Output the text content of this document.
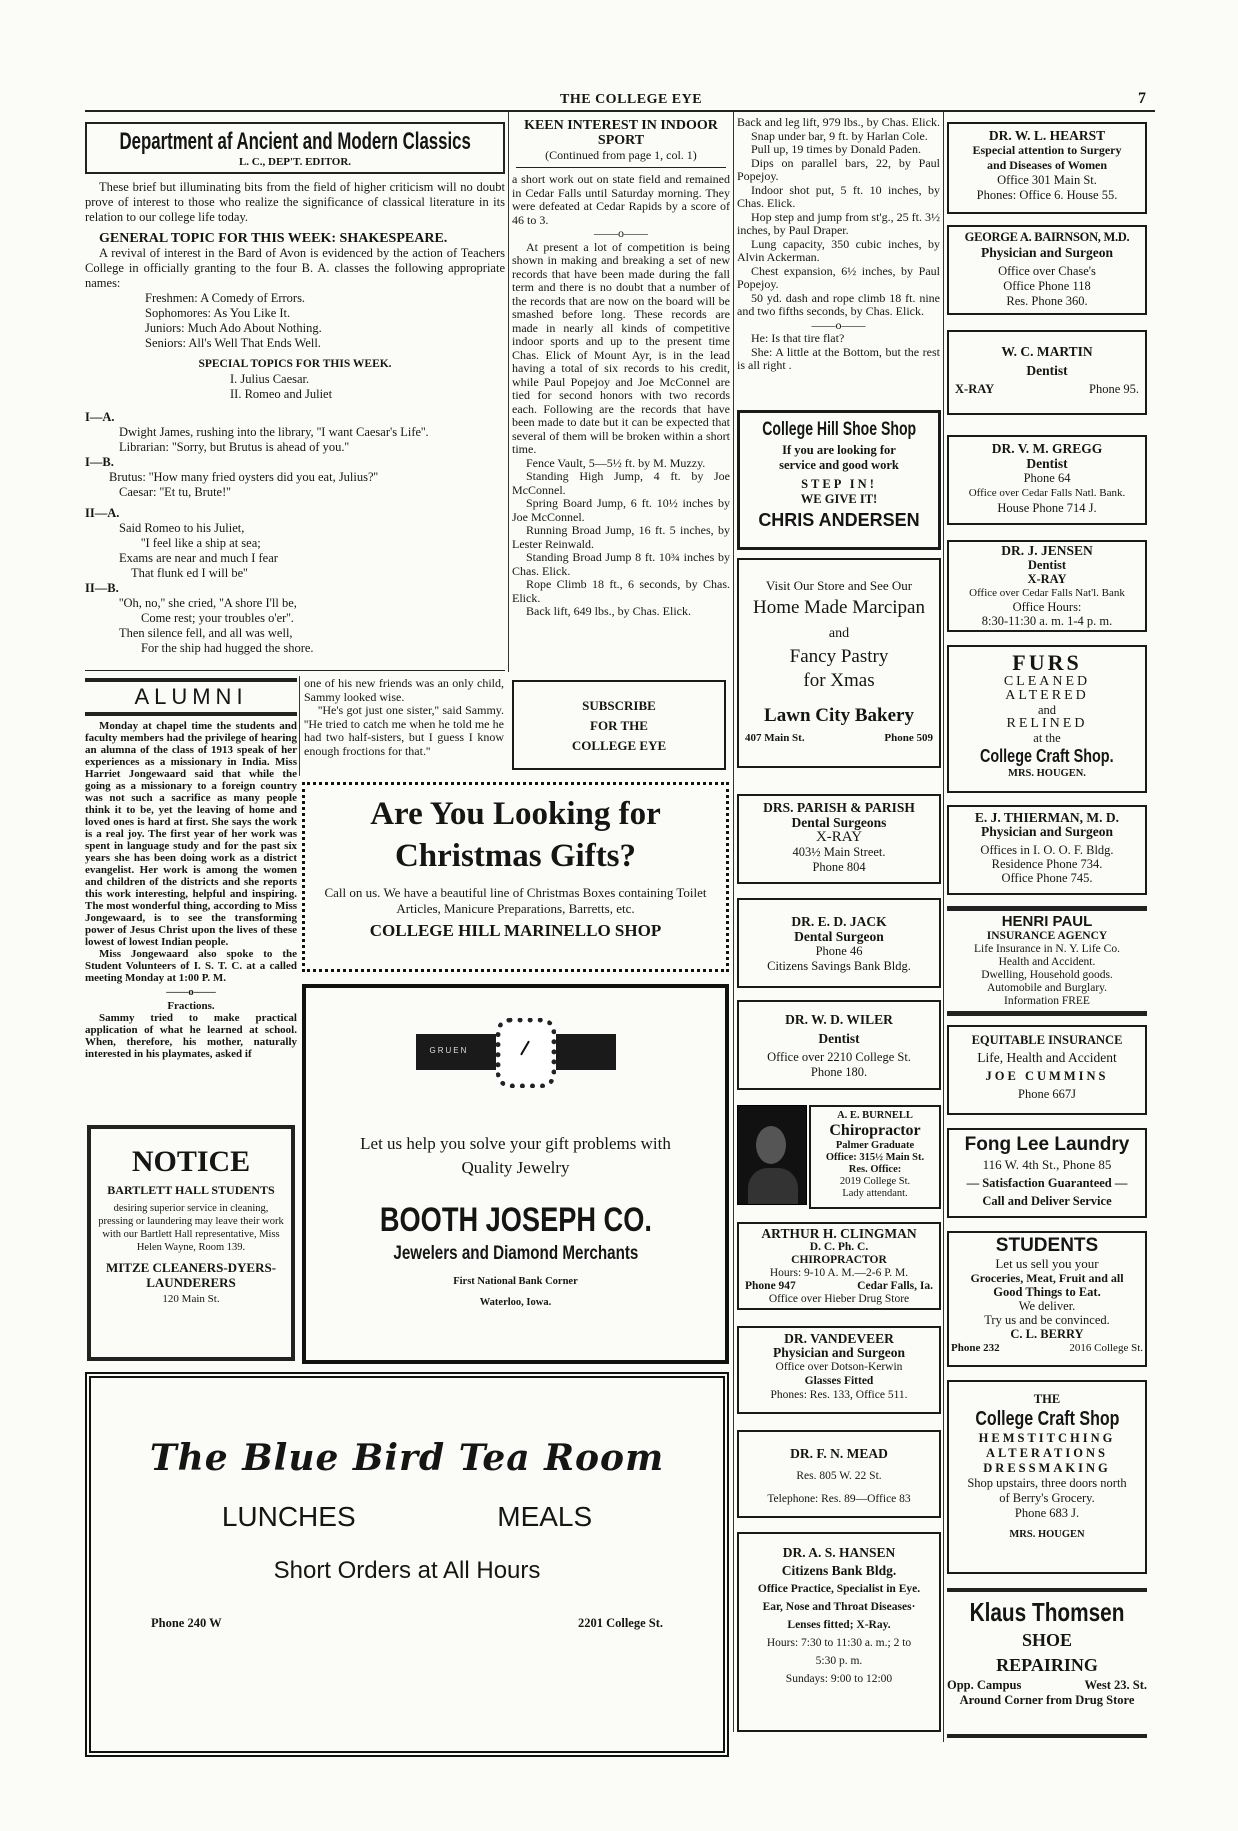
THE COLLEGE EYE	7
Department af Ancient and Modern Classics
L. C., DEP'T. EDITOR.

These brief but illuminating bits from the field of higher criticism will no doubt prove of interest to those who realize the significance of classical literature in its relation to our college life today.

GENERAL TOPIC FOR THIS WEEK: SHAKESPEARE.

A revival of interest in the Bard of Avon is evidenced by the action of Teachers College in officially granting to the four B. A. classes the following appropriate names:

Freshmen: A Comedy of Errors.
Sophomores: As You Like It.
Juniors: Much Ado About Nothing.
Seniors: All's Well That Ends Well.
SPECIAL TOPICS FOR THIS WEEK.
I. Julius Caesar.
II. Romeo and Juliet
I—A.
Dwight James, rushing into the library, ''I want Caesar's Life''.
Librarian: ''Sorry, but Brutus is ahead of you.''
I—B.
Brutus: ''How many fried oysters did you eat, Julius?''
Caesar: ''Et tu, Brute!''
II—A.
Said Romeo to his Juliet,
''I feel like a ship at sea;
Exams are near and much I fear
That flunk ed I will be''
II—B.
''Oh, no,'' she cried, ''A shore I'll be,
Come rest; your troubles o'er''.
Then silence fell, and all was well,
For the ship had hugged the shore.
ALUMNI

Monday at chapel time the students and faculty members had the privilege of hearing an alumna of the class of 1913 speak of her experiences as a missionary in India. Miss Harriet Jongewaard said that while the going as a missionary to a foreign country was not such a sacrifice as many people think it to be, yet the leaving of home and loved ones is hard at first. She says the work is a real joy. The first year of her work was spent in language study and for the past six years she has been doing work as a district evangelist. Her work is among the women and children of the districts and she reports this work interesting, helpful and inspiring. The most wonderful thing, according to Miss Jongewaard, is to see the transforming power of Jesus Christ upon the lives of these lowest of lowest Indian people.

Miss Jongewaard also spoke to the Student Volunteers of I. S. T. C. at a called meeting Monday at 1:00 P. M.

——o——
Fractions.

Sammy tried to make practical application of what he learned at school. When, therefore, his mother, naturally interested in his playmates, asked if

one of his new friends was an only child, Sammy looked wise.

''He's got just one sister,'' said Sammy. ''He tried to catch me when he told me he had two half-sisters, but I guess I know enough froctions for that.''

KEEN INTEREST IN INDOOR SPORT
(Continued from page 1, col. 1)
a short work out on state field and remained in Cedar Falls until Saturday morning. They were defeated at Cedar Rapids by a score of 46 to 3.
——o——

At present a lot of competition is being shown in making and breaking a set of new records that have been made during the fall term and there is no doubt that a number of the records that are now on the board will be smashed before long. These records are made in nearly all kinds of competitive indoor sports and up to the present time Chas. Elick of Mount Ayr, is in the lead having a total of six records to his credit, while Paul Popejoy and Joe McConnel are tied for second honors with two records each. Following are the records that have been made to date but it can be expected that several of them will be broken within a short time.

Fence Vault, 5—5½ ft. by M. Muzzy.

Standing High Jump, 4 ft. by Joe McConnel.

Spring Board Jump, 6 ft. 10½ inches by Joe McConnel.

Running Broad Jump, 16 ft. 5 inches, by Lester Reinwald.

Standing Broad Jump 8 ft. 10¾ inches by Chas. Elick.

Rope Climb 18 ft., 6 seconds, by Chas. Elick.

Back lift, 649 lbs., by Chas. Elick.

SUBSCRIBE
FOR THE
COLLEGE EYE
Back and leg lift, 979 lbs., by Chas. Elick.

Snap under bar, 9 ft. by Harlan Cole.

Pull up, 19 times by Donald Paden.

Dips on parallel bars, 22, by Paul Popejoy.

Indoor shot put, 5 ft. 10 inches, by Chas. Elick.

Hop step and jump from st'g., 25 ft. 3½ inches, by Paul Draper.

Lung capacity, 350 cubic inches, by Alvin Ackerman.

Chest expansion, 6½ inches, by Paul Popejoy.

50 yd. dash and rope climb 18 ft. nine and two fifths seconds, by Chas. Elick.

——o——

He: Is that tire flat?

She: A little at the Bottom, but the rest is all right .

College Hill Shoe Shop
If you are looking for
service and good work
STEP IN!
WE GIVE IT!
CHRIS ANDERSEN
Visit Our Store and See Our
Home Made Marcipan
and
Fancy Pastry
for Xmas
Lawn City Bakery
407 Main St.	Phone 509
DRS. PARISH & PARISH
Dental Surgeons
X-RAY
403½ Main Street.
Phone 804
DR. E. D. JACK
Dental Surgeon
Phone 46
Citizens Savings Bank Bldg.
DR. W. D. WILER
Dentist
Office over 2210 College St.
Phone 180.
A. E. BURNELL
Chiropractor
Palmer Graduate
Office: 315½ Main St.
Res. Office:
2019 College St.
Lady attendant.
ARTHUR H. CLINGMAN
D. C. Ph. C.
CHIROPRACTOR
Hours: 9-10 A. M.—2-6 P. M.
Phone 947	Cedar Falls, Ia.
Office over Hieber Drug Store
DR. VANDEVEER
Physician and Surgeon
Office over Dotson-Kerwin
Glasses Fitted
Phones: Res. 133, Office 511.
DR. F. N. MEAD
Res. 805 W. 22 St.
Telephone: Res. 89—Office 83
DR. A. S. HANSEN
Citizens Bank Bldg.
Office Practice, Specialist in Eye.
Ear, Nose and Throat Diseases·
Lenses fitted; X-Ray.
Hours: 7:30 to 11:30 a. m.; 2 to
5:30 p. m.
Sundays: 9:00 to 12:00
DR. W. L. HEARST
Especial attention to Surgery
and Diseases of Women
Office 301 Main St.
Phones: Office 6. House 55.
GEORGE A. BAIRNSON, M.D.
Physician and Surgeon
Office over Chase's
Office Phone 118
Res. Phone 360.
W. C. MARTIN
Dentist
X-RAY	Phone 95.
DR. V. M. GREGG
Dentist
Phone 64
Office over Cedar Falls Natl. Bank.
House Phone 714 J.
DR. J. JENSEN
Dentist
X-RAY
Office over Cedar Falls Nat'l. Bank
Office Hours:
8:30-11:30 a. m. 1-4 p. m.
FURS
CLEANED
ALTERED
and
RELINED
at the
College Craft Shop.
MRS. HOUGEN.
E. J. THIERMAN, M. D.
Physician and Surgeon
Offices in I. O. O. F. Bldg.
Residence Phone 734.
Office Phone 745.
HENRI PAUL
INSURANCE AGENCY
Life Insurance in N. Y. Life Co.
Health and Accident.
Dwelling, Household goods.
Automobile and Burglary.
Information FREE
EQUITABLE INSURANCE
Life, Health and Accident
JOE CUMMINS
Phone 667J
Fong Lee Laundry
116 W. 4th St., Phone 85
— Satisfaction Guaranteed —
Call and Deliver Service
STUDENTS
Let us sell you your
Groceries, Meat, Fruit and all
Good Things to Eat.
We deliver.
Try us and be convinced.
C. L. BERRY
Phone 232	2016 College St.
THE
College Craft Shop
HEMSTITCHING
ALTERATIONS
DRESSMAKING
Shop upstairs, three doors north
of Berry's Grocery.
Phone 683 J.
MRS. HOUGEN
Klaus Thomsen
SHOE
REPAIRING
Opp. Campus	West 23. St.
Around Corner from Drug Store
Are You Looking for
Christmas Gifts?
Call on us. We have a beautiful line of Christmas Boxes containing Toilet Articles, Manicure Preparations, Barretts, etc.
COLLEGE HILL MARINELLO SHOP
GRUEN
Let us help you solve your gift problems with Quality Jewelry
BOOTH JOSEPH CO.
Jewelers and Diamond Merchants
First National Bank Corner
Waterloo, Iowa.
NOTICE
BARTLETT HALL STUDENTS
desiring superior service in cleaning, pressing or laundering may leave their work with our Bartlett Hall representative, Miss Helen Wayne, Room 139.
MITZE CLEANERS-DYERS-LAUNDERERS
120 Main St.
The Blue Bird Tea Room
LUNCHES	MEALS
Short Orders at All Hours
Phone 240 W	2201 College St.
